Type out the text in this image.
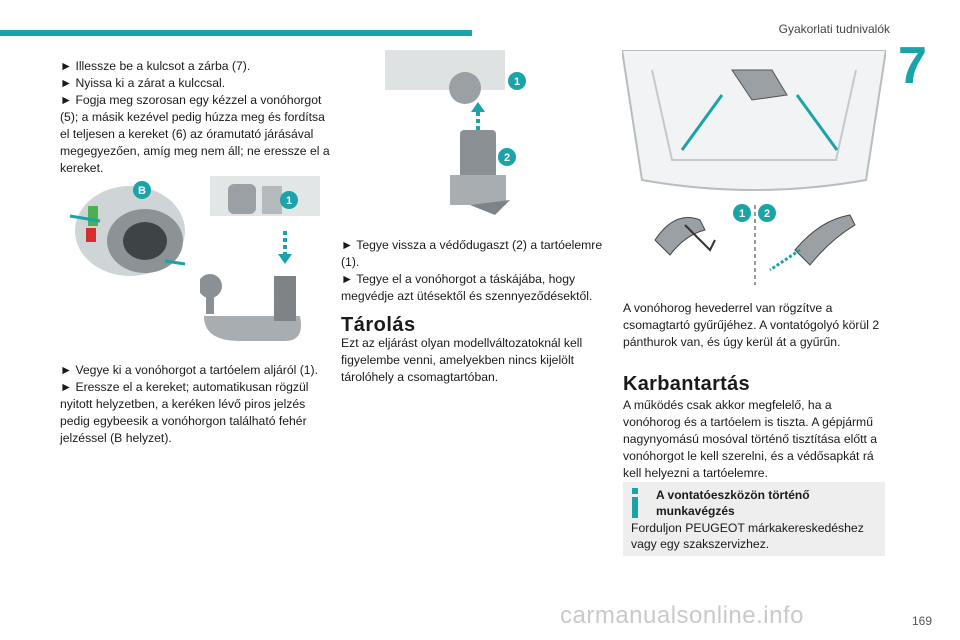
Gyakorlati tudnivalók
7

► Illessze be a kulcsot a zárba (7).

► Nyissa ki a zárat a kulccsal.

► Fogja meg szorosan egy kézzel a vonóhorgot (5); a másik kezével pedig húzza meg és fordítsa el teljesen a kereket (6) az óramutató járásával megegyezően, amíg meg nem áll; ne eressze el a kereket.

B
1

► Vegye ki a vonóhorgot a tartóelem aljáról (1).

► Eressze el a kereket; automatikusan rögzül nyitott helyzetben, a keréken lévő piros jelzés pedig egybeesik a vonóhorgon található fehér jelzéssel (B helyzet).

1
2

► Tegye vissza a védődugaszt (2) a tartóelemre (1).

► Tegye el a vonóhorgot a táskájába, hogy megvédje azt ütésektől és szennyeződésektől.

Tárolás
Ezt az eljárást olyan modellváltozatoknál kell figyelembe venni, amelyekben nincs kijelölt tárolóhely a csomagtartóban.
1 2
A vonóhorog hevederrel van rögzítve a csomagtartó gyűrűjéhez. A vontatógolyó körül 2 pánthurok van, és úgy kerül át a gyűrűn.
Karbantartás
A működés csak akkor megfelelő, ha a vonóhorog és a tartóelem is tiszta. A gépjármű nagynyomású mosóval történő tisztítása előtt a vonóhorgot le kell szerelni, és a védősapkát rá kell helyezni a tartóelemre.
A vontatóeszközön történő munkavégzés
Forduljon PEUGEOT márkakereskedéshez vagy egy szakszervizhez.
carmanualsonline.info	169
